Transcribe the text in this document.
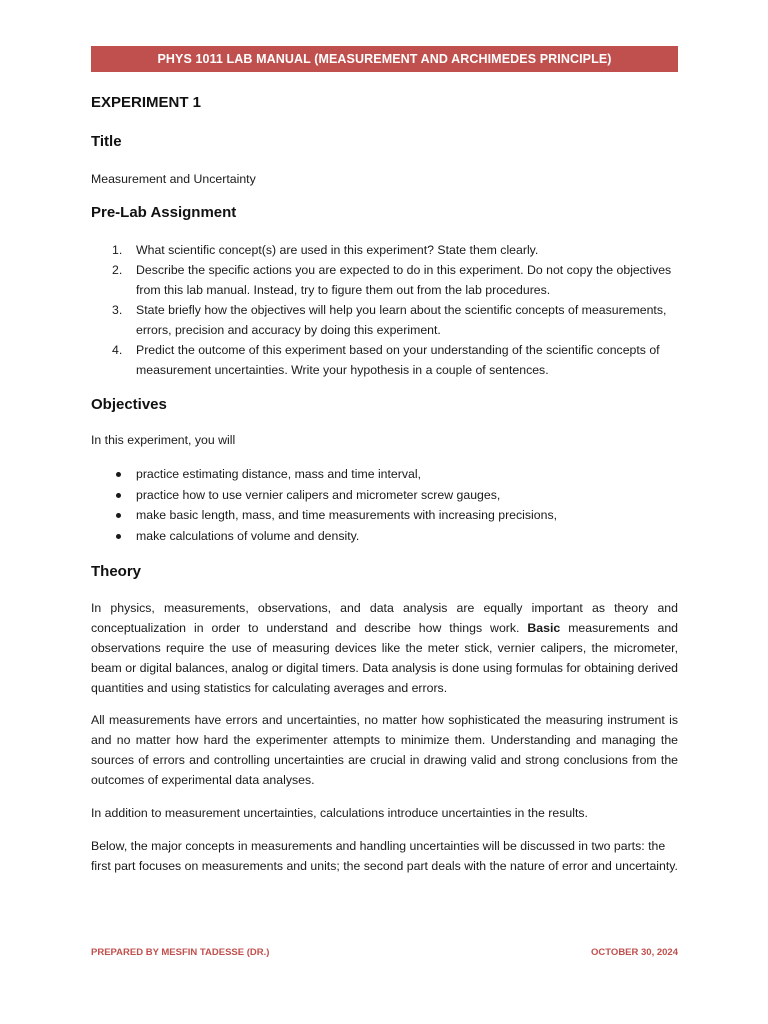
PHYS 1011 LAB MANUAL (MEASUREMENT AND ARCHIMEDES PRINCIPLE)
EXPERIMENT 1
Title

Measurement and Uncertainty

Pre-Lab Assignment
1. What scientific concept(s) are used in this experiment? State them clearly.
2. Describe the specific actions you are expected to do in this experiment. Do not copy the objectives from this lab manual. Instead, try to figure them out from the lab procedures.
3. State briefly how the objectives will help you learn about the scientific concepts of measurements, errors, precision and accuracy by doing this experiment.
4. Predict the outcome of this experiment based on your understanding of the scientific concepts of measurement uncertainties. Write your hypothesis in a couple of sentences.
Objectives

In this experiment, you will

practice estimating distance, mass and time interval,
practice how to use vernier calipers and micrometer screw gauges,
make basic length, mass, and time measurements with increasing precisions,
make calculations of volume and density.
Theory

In physics, measurements, observations, and data analysis are equally important as theory and conceptualization in order to understand and describe how things work. Basic measurements and observations require the use of measuring devices like the meter stick, vernier calipers, the micrometer, beam or digital balances, analog or digital timers. Data analysis is done using formulas for obtaining derived quantities and using statistics for calculating averages and errors.

All measurements have errors and uncertainties, no matter how sophisticated the measuring instrument is and no matter how hard the experimenter attempts to minimize them. Understanding and managing the sources of errors and controlling uncertainties are crucial in drawing valid and strong conclusions from the outcomes of experimental data analyses.

In addition to measurement uncertainties, calculations introduce uncertainties in the results.

Below, the major concepts in measurements and handling uncertainties will be discussed in two parts: the first part focuses on measurements and units; the second part deals with the nature of error and uncertainty.

PREPARED BY MESFIN TADESSE (DR.)	OCTOBER 30, 2024
